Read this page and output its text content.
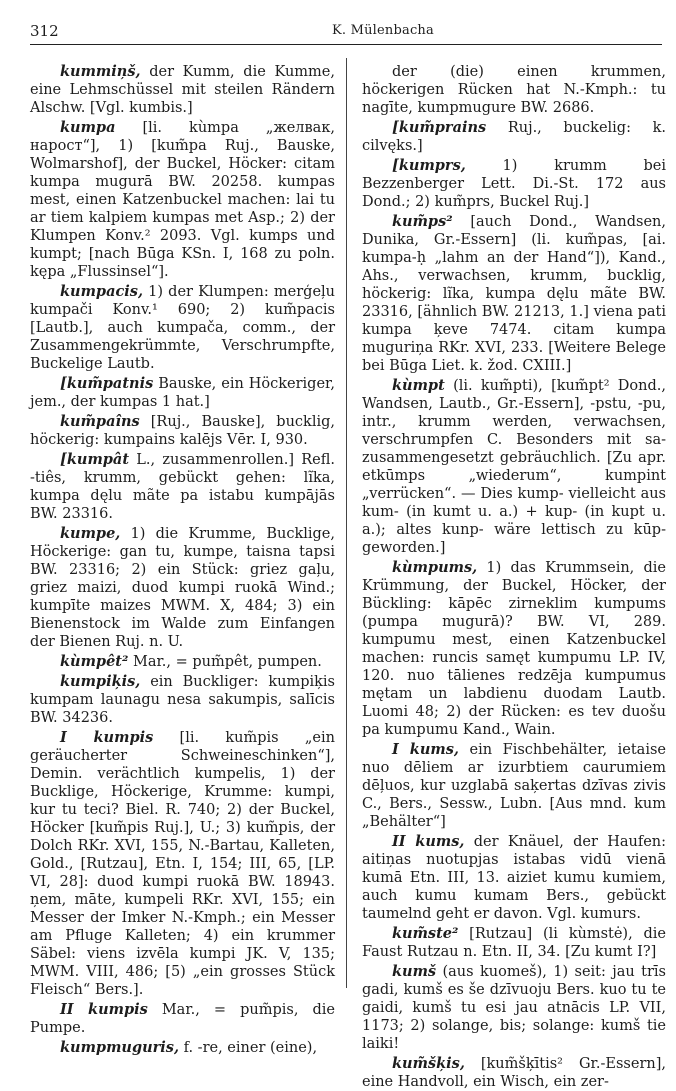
312	K. Mülenbacha
kummiņš, der Kumm, die Kumme, eine Lehmschüssel mit steilen Rändern Alschw. [Vgl. kumbis.]
kumpa [li. kùmpa „желвак, нарост“], 1) [kum̃pa Ruj., Bauske, Wolmarshof], der Buckel, Höcker: citam kumpa mugurā BW. 20258. kumpas mest, einen Katzenbuckel machen: lai tu ar tiem kalpiem kumpas met Asp.; 2) der Klumpen Konv.² 2093. Vgl. kumps und kumpt; [nach Būga KSn. I, 168 zu poln. kępa „Flussinsel“].
kumpacis, 1) der Klumpen: merģeļu kumpači Konv.¹ 690; 2) kum̃pacis [Lautb.], auch kumpača, comm., der Zusammengekrümmte, Verschrumpfte, Buckelige Lautb.
[kum̃patnis Bauske, ein Höckeriger, jem., der kumpas 1 hat.]
kum̃paîns [Ruj., Bauske], bucklig, höckerig: kumpains kalējs Vēr. I, 930.
[kumpât L., zusammenrollen.] Refl. -tiês, krumm, gebückt gehen: lĩka, kumpa dęlu mãte pa istabu kumpājās BW. 23316.
kumpe, 1) die Krumme, Bucklige, Höckerige: gan tu, kumpe, taisna tapsi BW. 23316; 2) ein Stück: griez gaļu, griez maizi, duod kumpi ruokā Wind.; kumpīte maizes MWM. X, 484; 3) ein Bienenstock im Walde zum Einfangen der Bienen Ruj. n. U.
kùmpêt² Mar., = pum̃pêt, pumpen.
kumpiķis, ein Buckliger: kumpiķis kumpam launagu nesa sakumpis, salīcis BW. 34236.
I kumpis [li. kum̃pis „ein geräucherter Schweineschinken“], Demin. verächtlich kumpelis, 1) der Bucklige, Höckerige, Krumme: kumpi, kur tu teci? Biel. R. 740; 2) der Buckel, Höcker [kum̃pis Ruj.], U.; 3) kum̃pis, der Dolch RKr. XVI, 155, N.-Bartau, Kalleten, Gold., [Rutzau], Etn. I, 154; III, 65, [LP. VI, 28]: duod kumpi ruokā BW. 18943. ņem, māte, kumpeli RKr. XVI, 155; ein Messer der Imker N.-Kmph.; ein Messer am Pfluge Kalleten; 4) ein krummer Säbel: viens izvēla kumpi JK. V, 135; MWM. VIII, 486; [5) „ein grosses Stück Fleisch“ Bers.].
II kumpis Mar., = pum̃pis, die Pumpe.
kumpmuguris, f. -re, einer (eine),
der (die) einen krummen, höckerigen Rücken hat N.-Kmph.: tu nagīte, kumpmugure BW. 2686.
[kum̃prains Ruj., buckelig: k. cilvęks.]
[kumprs, 1) krumm bei Bezzenberger Lett. Di.-St. 172 aus Dond.; 2) kum̃prs, Buckel Ruj.]
kum̃ps² [auch Dond., Wandsen, Dunika, Gr.-Essern] (li. kum̃pas, [ai. kumpa-ḥ „lahm an der Hand“]), Kand., Ahs., verwachsen, krumm, bucklig, höckerig: lĩka, kumpa dęlu mãte BW. 23316, [ähnlich BW. 21213, 1.] viena pati kumpa ķeve 7474. citam kumpa muguriņa RKr. XVI, 233. [Weitere Belege bei Būga Liet. k. žod. CXIII.]
kùmpt (li. kum̃pti), [kum̃pt² Dond., Wandsen, Lautb., Gr.-Essern], -pstu, -pu, intr., krumm werden, verwachsen, verschrumpfen C. Besonders mit sa- zusammengesetzt gebräuchlich. [Zu apr. etkūmps „wiederum“, kumpint „verrücken“. — Dies kump- vielleicht aus kum- (in kumt u. a.) + kup- (in kupt u. a.); altes kunp- wäre lettisch zu kūp- geworden.]
kùmpums, 1) das Krummsein, die Krümmung, der Buckel, Höcker, der Bückling: kāpēc zirneklim kumpums (pumpa mugurā)? BW. VI, 289. kumpumu mest, einen Katzenbuckel machen: runcis samęt kumpumu LP. IV, 120. nuo tālienes redzēja kumpumus mętam un labdienu duodam Lautb. Luomi 48; 2) der Rücken: es tev duošu pa kumpumu Kand., Wain.
I kums, ein Fischbehälter, ietaise nuo dēliem ar izurbtiem caurumiem dēļuos, kur uzglabā saķertas dzīvas zivis C., Bers., Sessw., Lubn. [Aus mnd. kum „Behälter“]
II kums, der Knäuel, der Haufen: aitiņas nuotupjas istabas vidū vienā kumā Etn. III, 13. aiziet kumu kumiem, auch kumu kumam Bers., gebückt taumelnd geht er davon. Vgl. kumurs.
kum̃ste² [Rutzau] (li kùmstė), die Faust Rutzau n. Etn. II, 34. [Zu kumt I?]
kumš (aus kuomeš), 1) seit: jau trīs gadi, kumš es še dzīvuoju Bers. kuo tu te gaidi, kumš tu esi jau atnācis LP. VII, 1173; 2) solange, bis; solange: kumš tie laiki!
kum̃šķis, [kum̃šķītis² Gr.-Essern], eine Handvoll, ein Wisch, ein zer-
